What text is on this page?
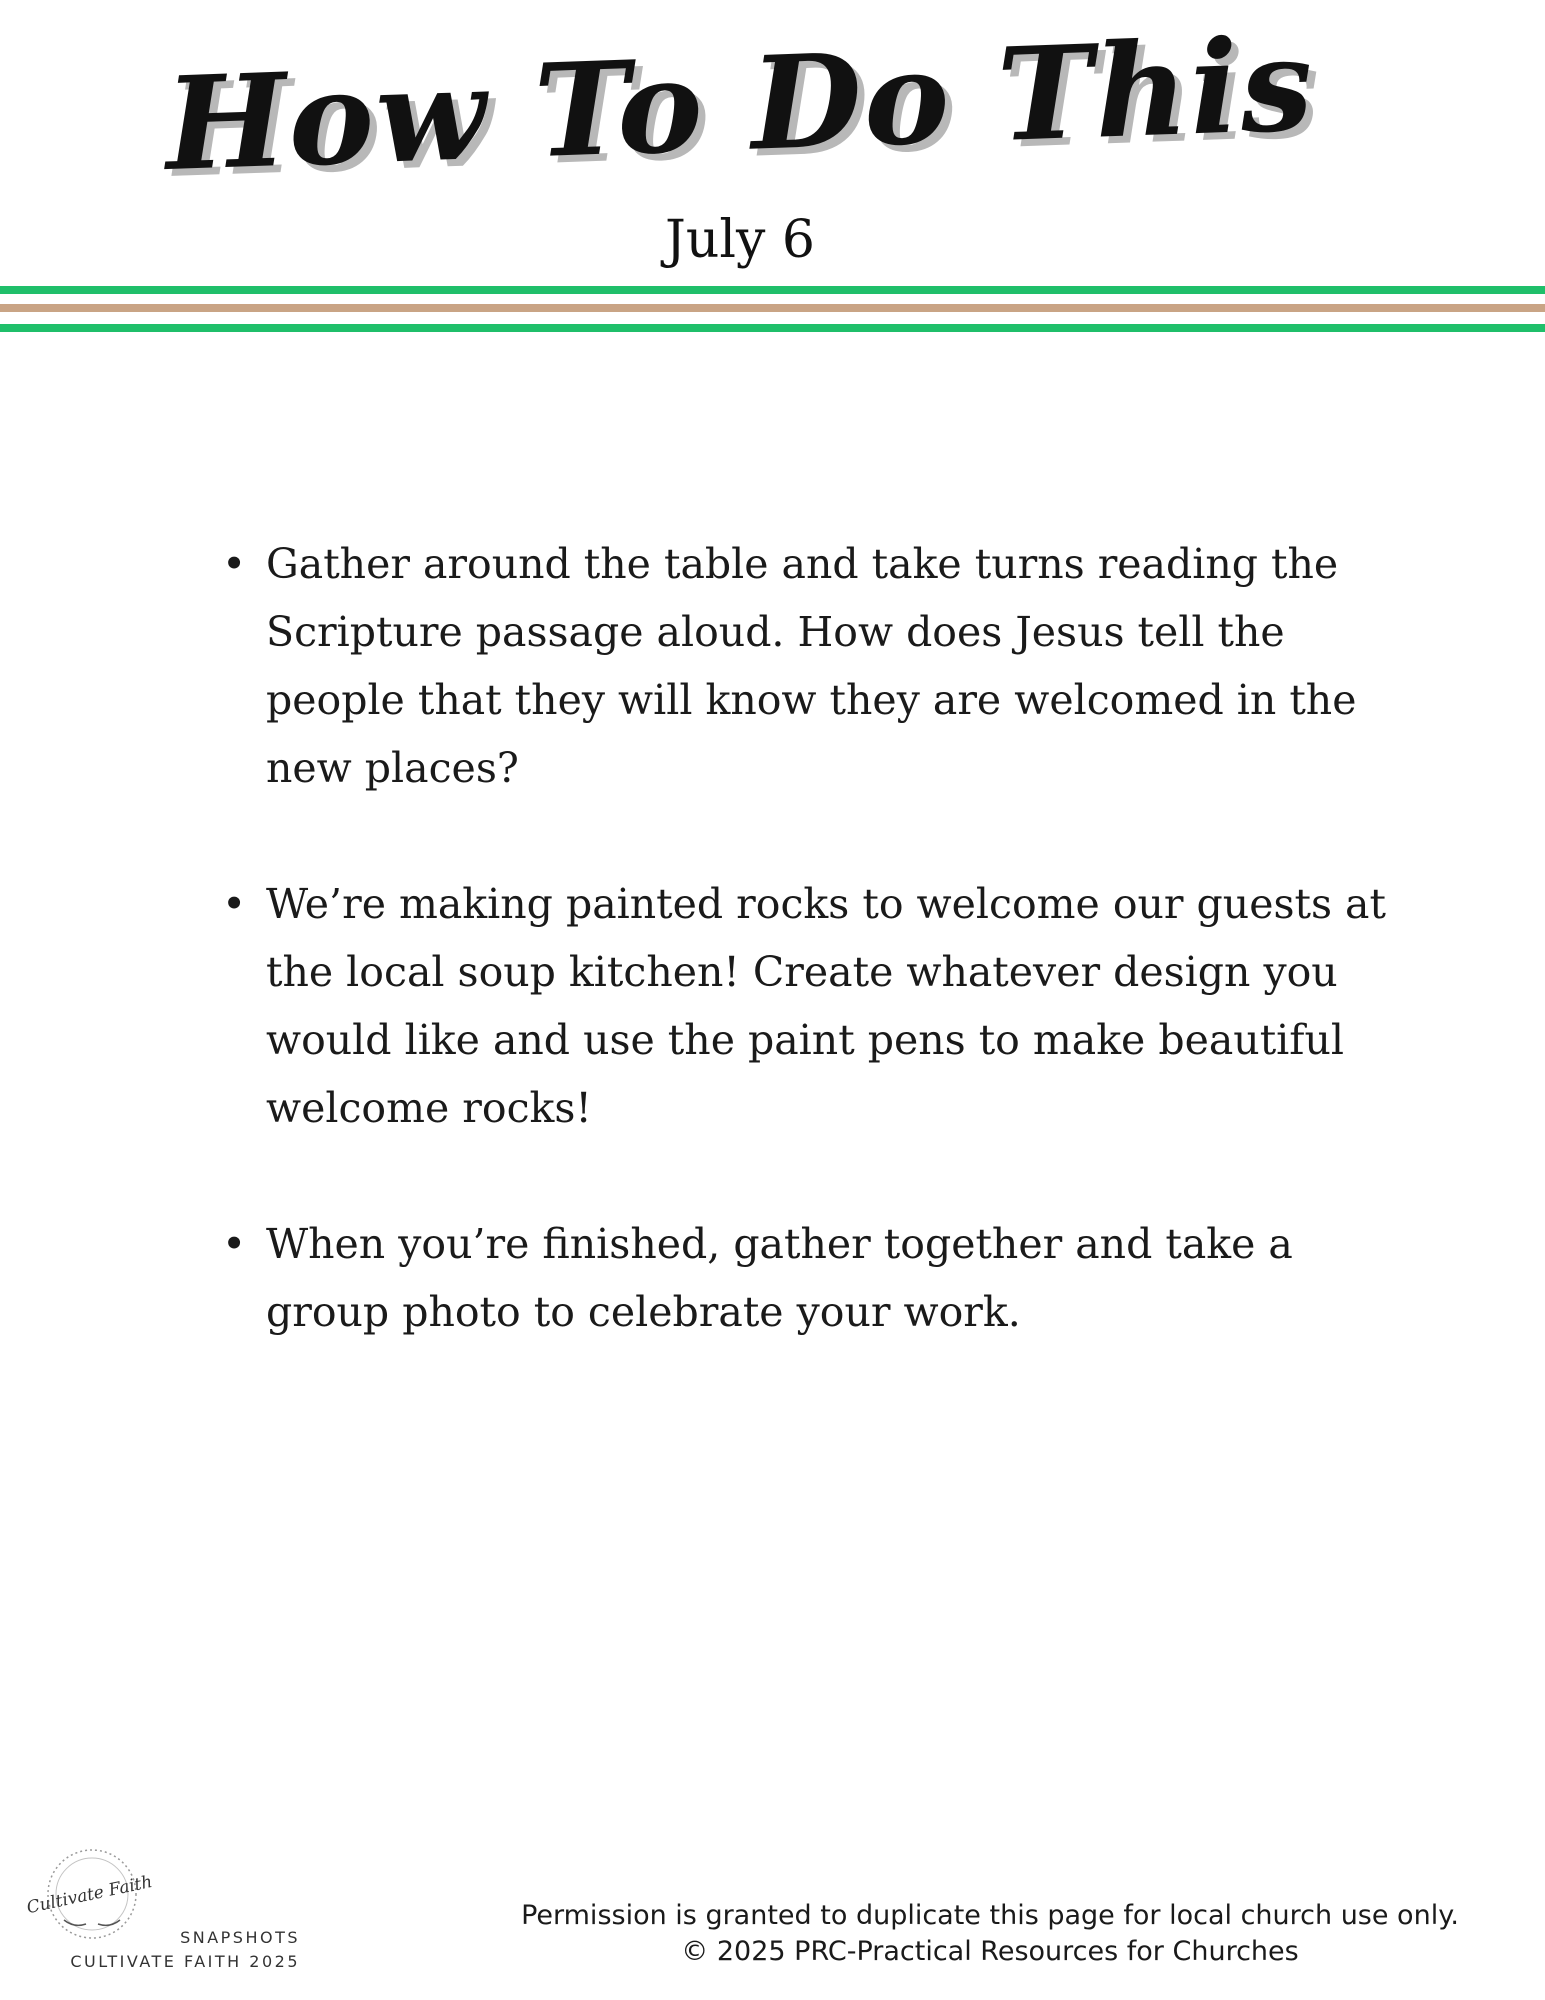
How To Do This
July 6
• Gather around the table and take turns reading the Scripture passage aloud. How does Jesus tell the people that they will know they are welcomed in the new places?
• We’re making painted rocks to welcome our guests at the local soup kitchen! Create whatever design you would like and use the paint pens to make beautiful welcome rocks!
• When you’re finished, gather together and take a group photo to celebrate your work.
Cultivate Faith
SNAPSHOTS
CULTIVATE FAITH 2025
Permission is granted to duplicate this page for local church use only.
© 2025 PRC-Practical Resources for Churches
